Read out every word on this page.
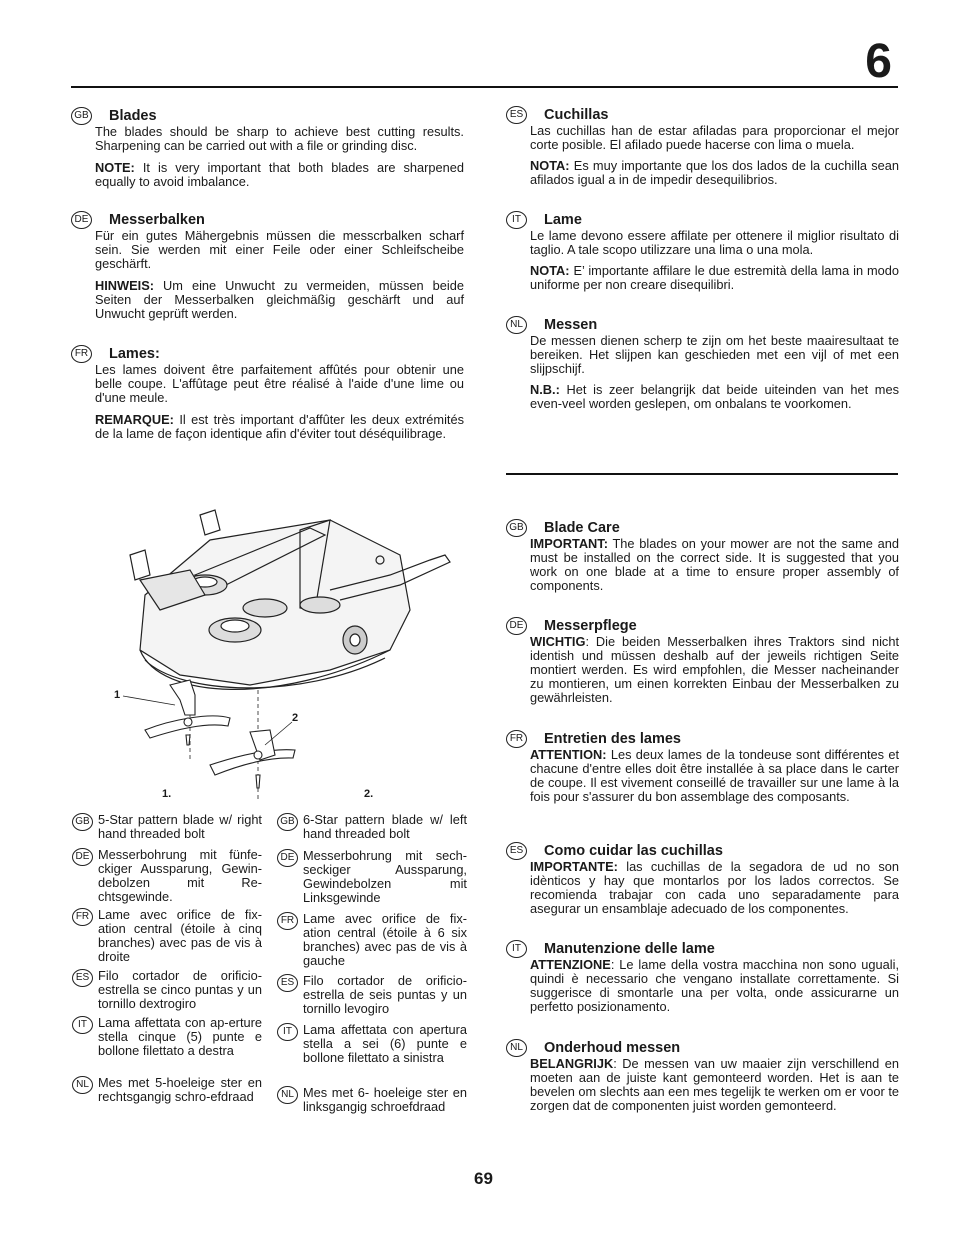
6
GB Blades
The blades should be sharp to achieve best cutting results. Sharpening can be carried out with a file or grinding disc.
NOTE: It is very important that both blades are sharpened equally to avoid imbalance.
DE Messerbalken
Für ein gutes Mähergebnis müssen die messcrbalken scharf sein. Sie werden mit einer Feile oder einer Schleifscheibe geschärft.
HINWEIS: Um eine Unwucht zu vermeiden, müssen beide Seiten der Messerbalken gleichmäßig geschärft und auf Unwucht geprüft werden.
FR Lames:
Les lames doivent être parfaitement affûtés pour obtenir une belle coupe. L'affûtage peut être réalisé à l'aide d'une lime ou d'une meule.
REMARQUE: Il est très important d'affûter les deux extrémités de la lame de façon identique afin d'éviter tout déséquilibrage.
ES Cuchillas
Las cuchillas han de estar afiladas para proporcionar el mejor corte posible. El afilado puede hacerse con lima o muela.
NOTA: Es muy importante que los dos lados de la cuchilla sean afilados igual a in de impedir desequilibrios.
IT	Lame
Le lame devono essere affilate per ottenere il miglior risultato di taglio. A tale scopo utilizzare una lima o una mola.
NOTA: E’ importante affilare le due estremità della lama in modo uniforme per non creare disequilibri.
NL Messen
De messen dienen scherp te zijn om het beste maairesultaat te bereiken. Het slijpen kan geschieden met een vijl of met een slijpschijf.
N.B.: Het is zeer belangrijk dat beide uiteinden van het mes even-veel worden geslepen, om onbalans te voorkomen.
GB Blade Care
IMPORTANT: The blades on your mower are not the same and must be installed on the correct side. It is suggested that you work on one blade at a time to ensure proper assembly of components.
DE Messerpflege
WICHTIG: Die beiden Messerbalken ihres Traktors sind nicht identish und müssen deshalb auf der jeweils richtigen Seite montiert werden. Es wird empfohlen, die Messer nacheinander zu montieren, um einen korrekten Einbau der Messerbalken zu gewährleisten.
FR Entretien des lames
ATTENTION: Les deux lames de la tondeuse sont différentes et chacune d'entre elles doit être installée à sa place dans le carter de coupe. Il est vivement conseillé de travailler sur une lame à la fois pour s'assurer du bon assemblage des composants.
ES Como cuidar las cuchillas
IMPORTANTE: las cuchillas de la segadora de ud no son idènticos y hay que montarlos por los lados correctos. Se recomienda trabajar con cada uno separadamente para asegurar un ensamblaje adecuado de los componentes.
IT	Manutenzione delle lame
ATTENZIONE: Le lame della vostra macchina non sono uguali, quindi è necessario che vengano installate correttamente. Si suggerisce di smontarle una per volta, onde assicurarne un perfetto posizionamento.
NL Onderhoud messen
BELANGRIJK: De messen van uw maaier zijn verschillend en moeten aan de juiste kant gemonteerd worden. Het is aan te bevelen om slechts aan een mes tegelijk te werken om er voor te zorgen dat de componenten juist worden gemonteerd.
1
2
1.	2.
GB 5-Star pattern blade w/ right hand threaded bolt
DE Messerbohrung mit fünfe-ckiger Aussparung, Gewin-debolzen mit Re-chtsgewinde.
FR Lame avec orifice de fix-ation central (étoile à cinq branches) avec pas de vis à droite
ES Filo cortador de orificio-estrella se cinco puntas y un tornillo dextrogiro
IT Lama affettata con ap-erture stella cinque (5) punte e bollone filettato a destra
NL Mes met 5-hoeleige ster en rechtsgangig schro-efdraad
GB 6-Star pattern blade w/ left hand threaded bolt
DE Messerbohrung mit sech-seckiger Aussparung, Gewindebolzen mit Linksgewinde
FR Lame avec orifice de fix-ation central (étoile à 6 six branches) avec pas de vis à gauche
ES Filo cortador de orificio-estrella de seis puntas y un tornillo levogiro
IT Lama affettata con apertura stella a sei (6) punte e bollone filettato a sinistra
NL Mes met 6- hoeleige ster en linksgangig schroefdraad
69
